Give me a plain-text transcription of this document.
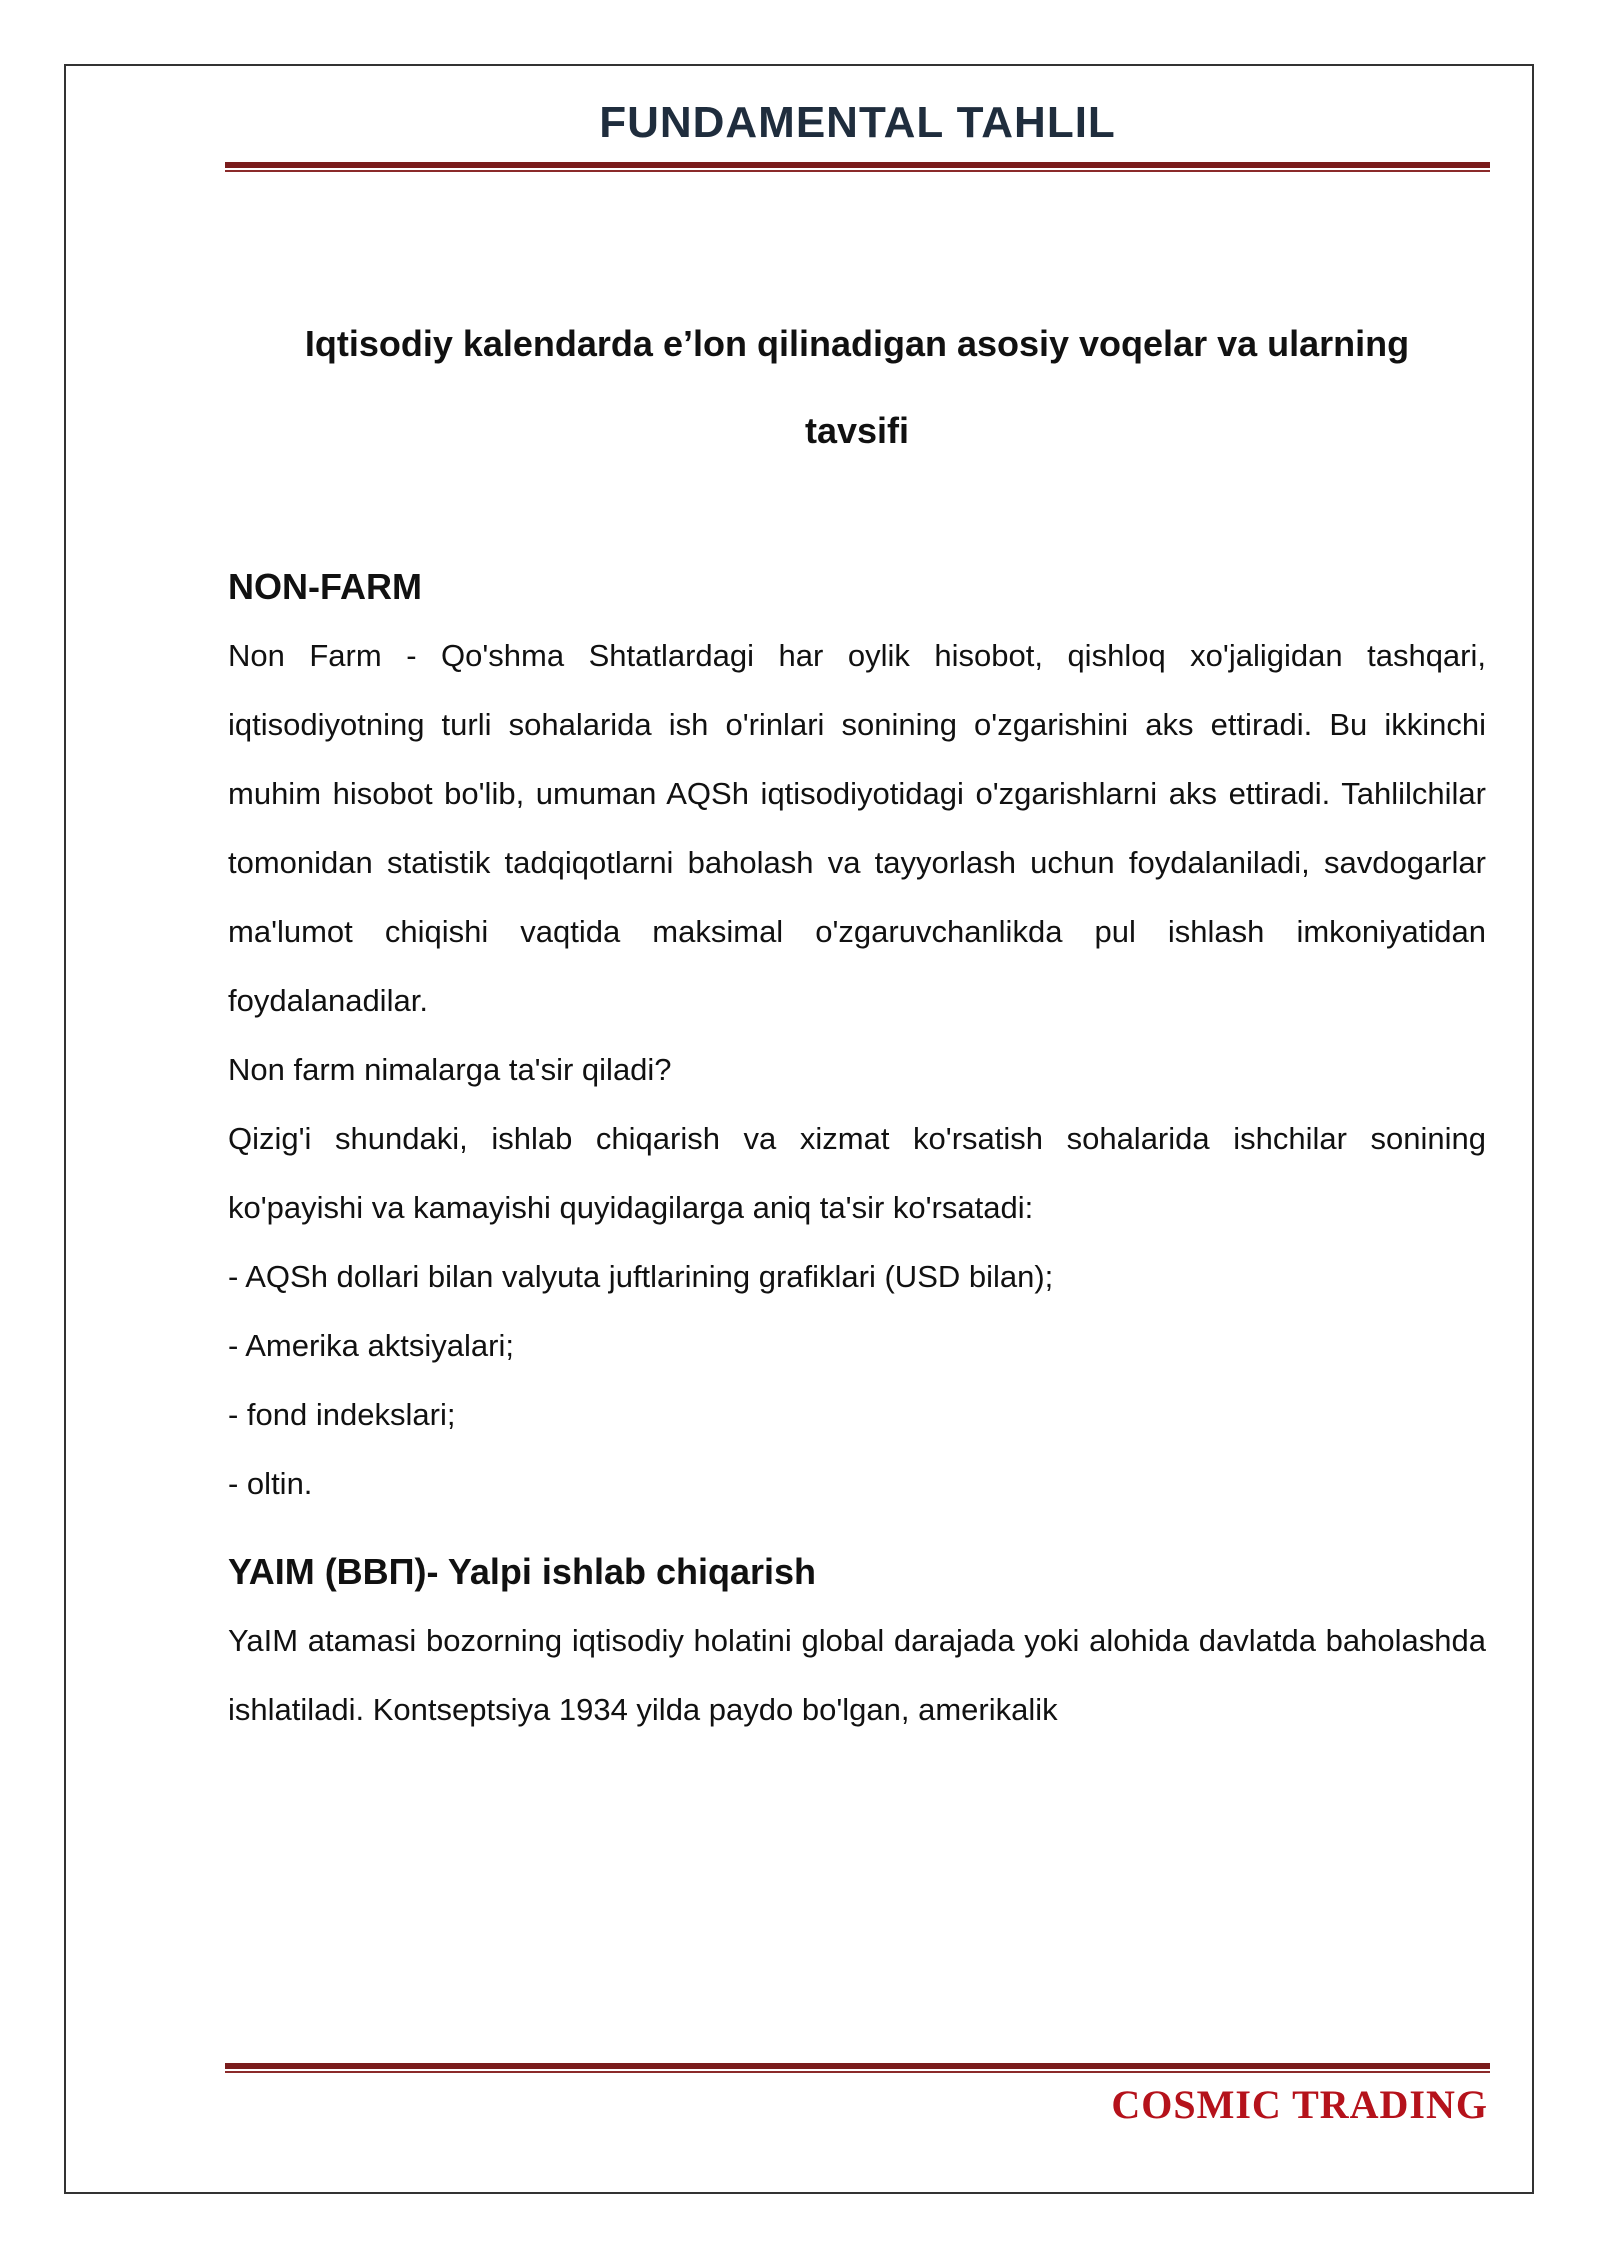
FUNDAMENTAL TAHLIL
Iqtisodiy kalendarda e’lon qilinadigan asosiy voqelar va ularning
tavsifi
NON-FARM

Non Farm - Qo'shma Shtatlardagi har oylik hisobot, qishloq xo'jaligidan tashqari, iqtisodiyotning turli sohalarida ish o'rinlari sonining o'zgarishini aks ettiradi. Bu ikkinchi muhim hisobot bo'lib, umuman AQSh iqtisodiyotidagi o'zgarishlarni aks ettiradi. Tahlilchilar tomonidan statistik tadqiqotlarni baholash va tayyorlash uchun foydalaniladi, savdogarlar ma'lumot chiqishi vaqtida maksimal o'zgaruvchanlikda pul ishlash imkoniyatidan foydalanadilar.

Non farm nimalarga ta'sir qiladi?

Qizig'i shundaki, ishlab chiqarish va xizmat ko'rsatish sohalarida ishchilar sonining ko'payishi va kamayishi quyidagilarga aniq ta'sir ko'rsatadi:

- AQSh dollari bilan valyuta juftlarining grafiklari (USD bilan);

- Amerika aktsiyalari;

- fond indekslari;

- oltin.

YAIM (ВВП)- Yalpi ishlab chiqarish

YaIM atamasi bozorning iqtisodiy holatini global darajada yoki alohida davlatda baholashda ishlatiladi. Kontseptsiya 1934 yilda paydo bo'lgan, amerikalik

COSMIC TRADING
